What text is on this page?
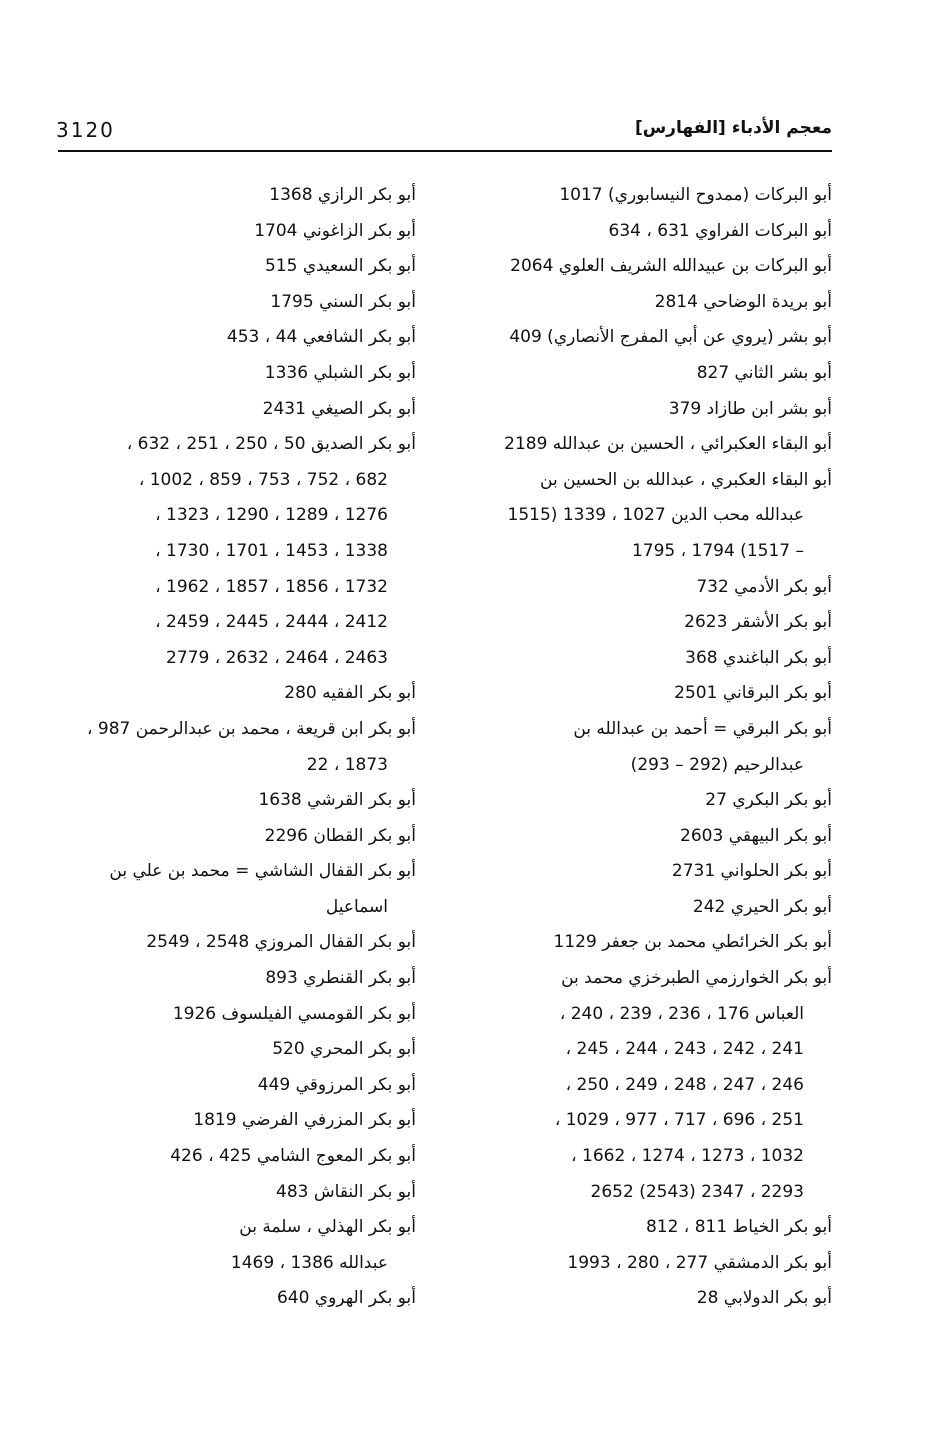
معجم الأدباء [الفهارس]
3120
أبو البركات (ممدوح النيسابوري) 1017
أبو البركات الفراوي 631 ، 634
أبو البركات بن عبيدالله الشريف العلوي 2064
أبو بريدة الوضاحي 2814
أبو بشر (يروي عن أبي المفرج الأنصاري) 409
أبو بشر الثاني 827
أبو بشر ابن طازاد 379
أبو البقاء العكبرائي ، الحسين بن عبدالله 2189
أبو البقاء العكبري ، عبدالله بن الحسين بن
عبدالله محب الدين 1027 ، 1339 (1515
– 1517) 1794 ، 1795
أبو بكر الأدمي 732
أبو بكر الأشقر 2623
أبو بكر الباغندي 368
أبو بكر البرقاني 2501
أبو بكر البرقي = أحمد بن عبدالله بن
عبدالرحيم (292 – 293)
أبو بكر البكري 27
أبو بكر البيهقي 2603
أبو بكر الحلواني 2731
أبو بكر الحيري 242
أبو بكر الخرائطي محمد بن جعفر 1129
أبو بكر الخوارزمي الطبرخزي محمد بن
العباس 176 ، 236 ، 239 ، 240 ،
241 ، 242 ، 243 ، 244 ، 245 ،
246 ، 247 ، 248 ، 249 ، 250 ،
251 ، 696 ، 717 ، 977 ، 1029 ،
1032 ، 1273 ، 1274 ، 1662 ،
2293 ، 2347 (2543) 2652
أبو بكر الخياط 811 ، 812
أبو بكر الدمشقي 277 ، 280 ، 1993
أبو بكر الدولابي 28
أبو بكر الرازي 1368
أبو بكر الزاغوني 1704
أبو بكر السعيدي 515
أبو بكر السني 1795
أبو بكر الشافعي 44 ، 453
أبو بكر الشبلي 1336
أبو بكر الصيغي 2431
أبو بكر الصديق 50 ، 250 ، 251 ، 632 ،
682 ، 752 ، 753 ، 859 ، 1002 ،
1276 ، 1289 ، 1290 ، 1323 ،
1338 ، 1453 ، 1701 ، 1730 ،
1732 ، 1856 ، 1857 ، 1962 ،
2412 ، 2444 ، 2445 ، 2459 ،
2463 ، 2464 ، 2632 ، 2779
أبو بكر الفقيه 280
أبو بكر ابن قريعة ، محمد بن عبدالرحمن 987 ،
1873 ، 22
أبو بكر القرشي 1638
أبو بكر القطان 2296
أبو بكر القفال الشاشي = محمد بن علي بن
اسماعيل
أبو بكر القفال المروزي 2548 ، 2549
أبو بكر القنطري 893
أبو بكر القومسي الفيلسوف 1926
أبو بكر المحري 520
أبو بكر المرزوقي 449
أبو بكر المزرفي الفرضي 1819
أبو بكر المعوج الشامي 425 ، 426
أبو بكر النقاش 483
أبو بكر الهذلي ، سلمة بن
عبدالله 1386 ، 1469
أبو بكر الهروي 640
